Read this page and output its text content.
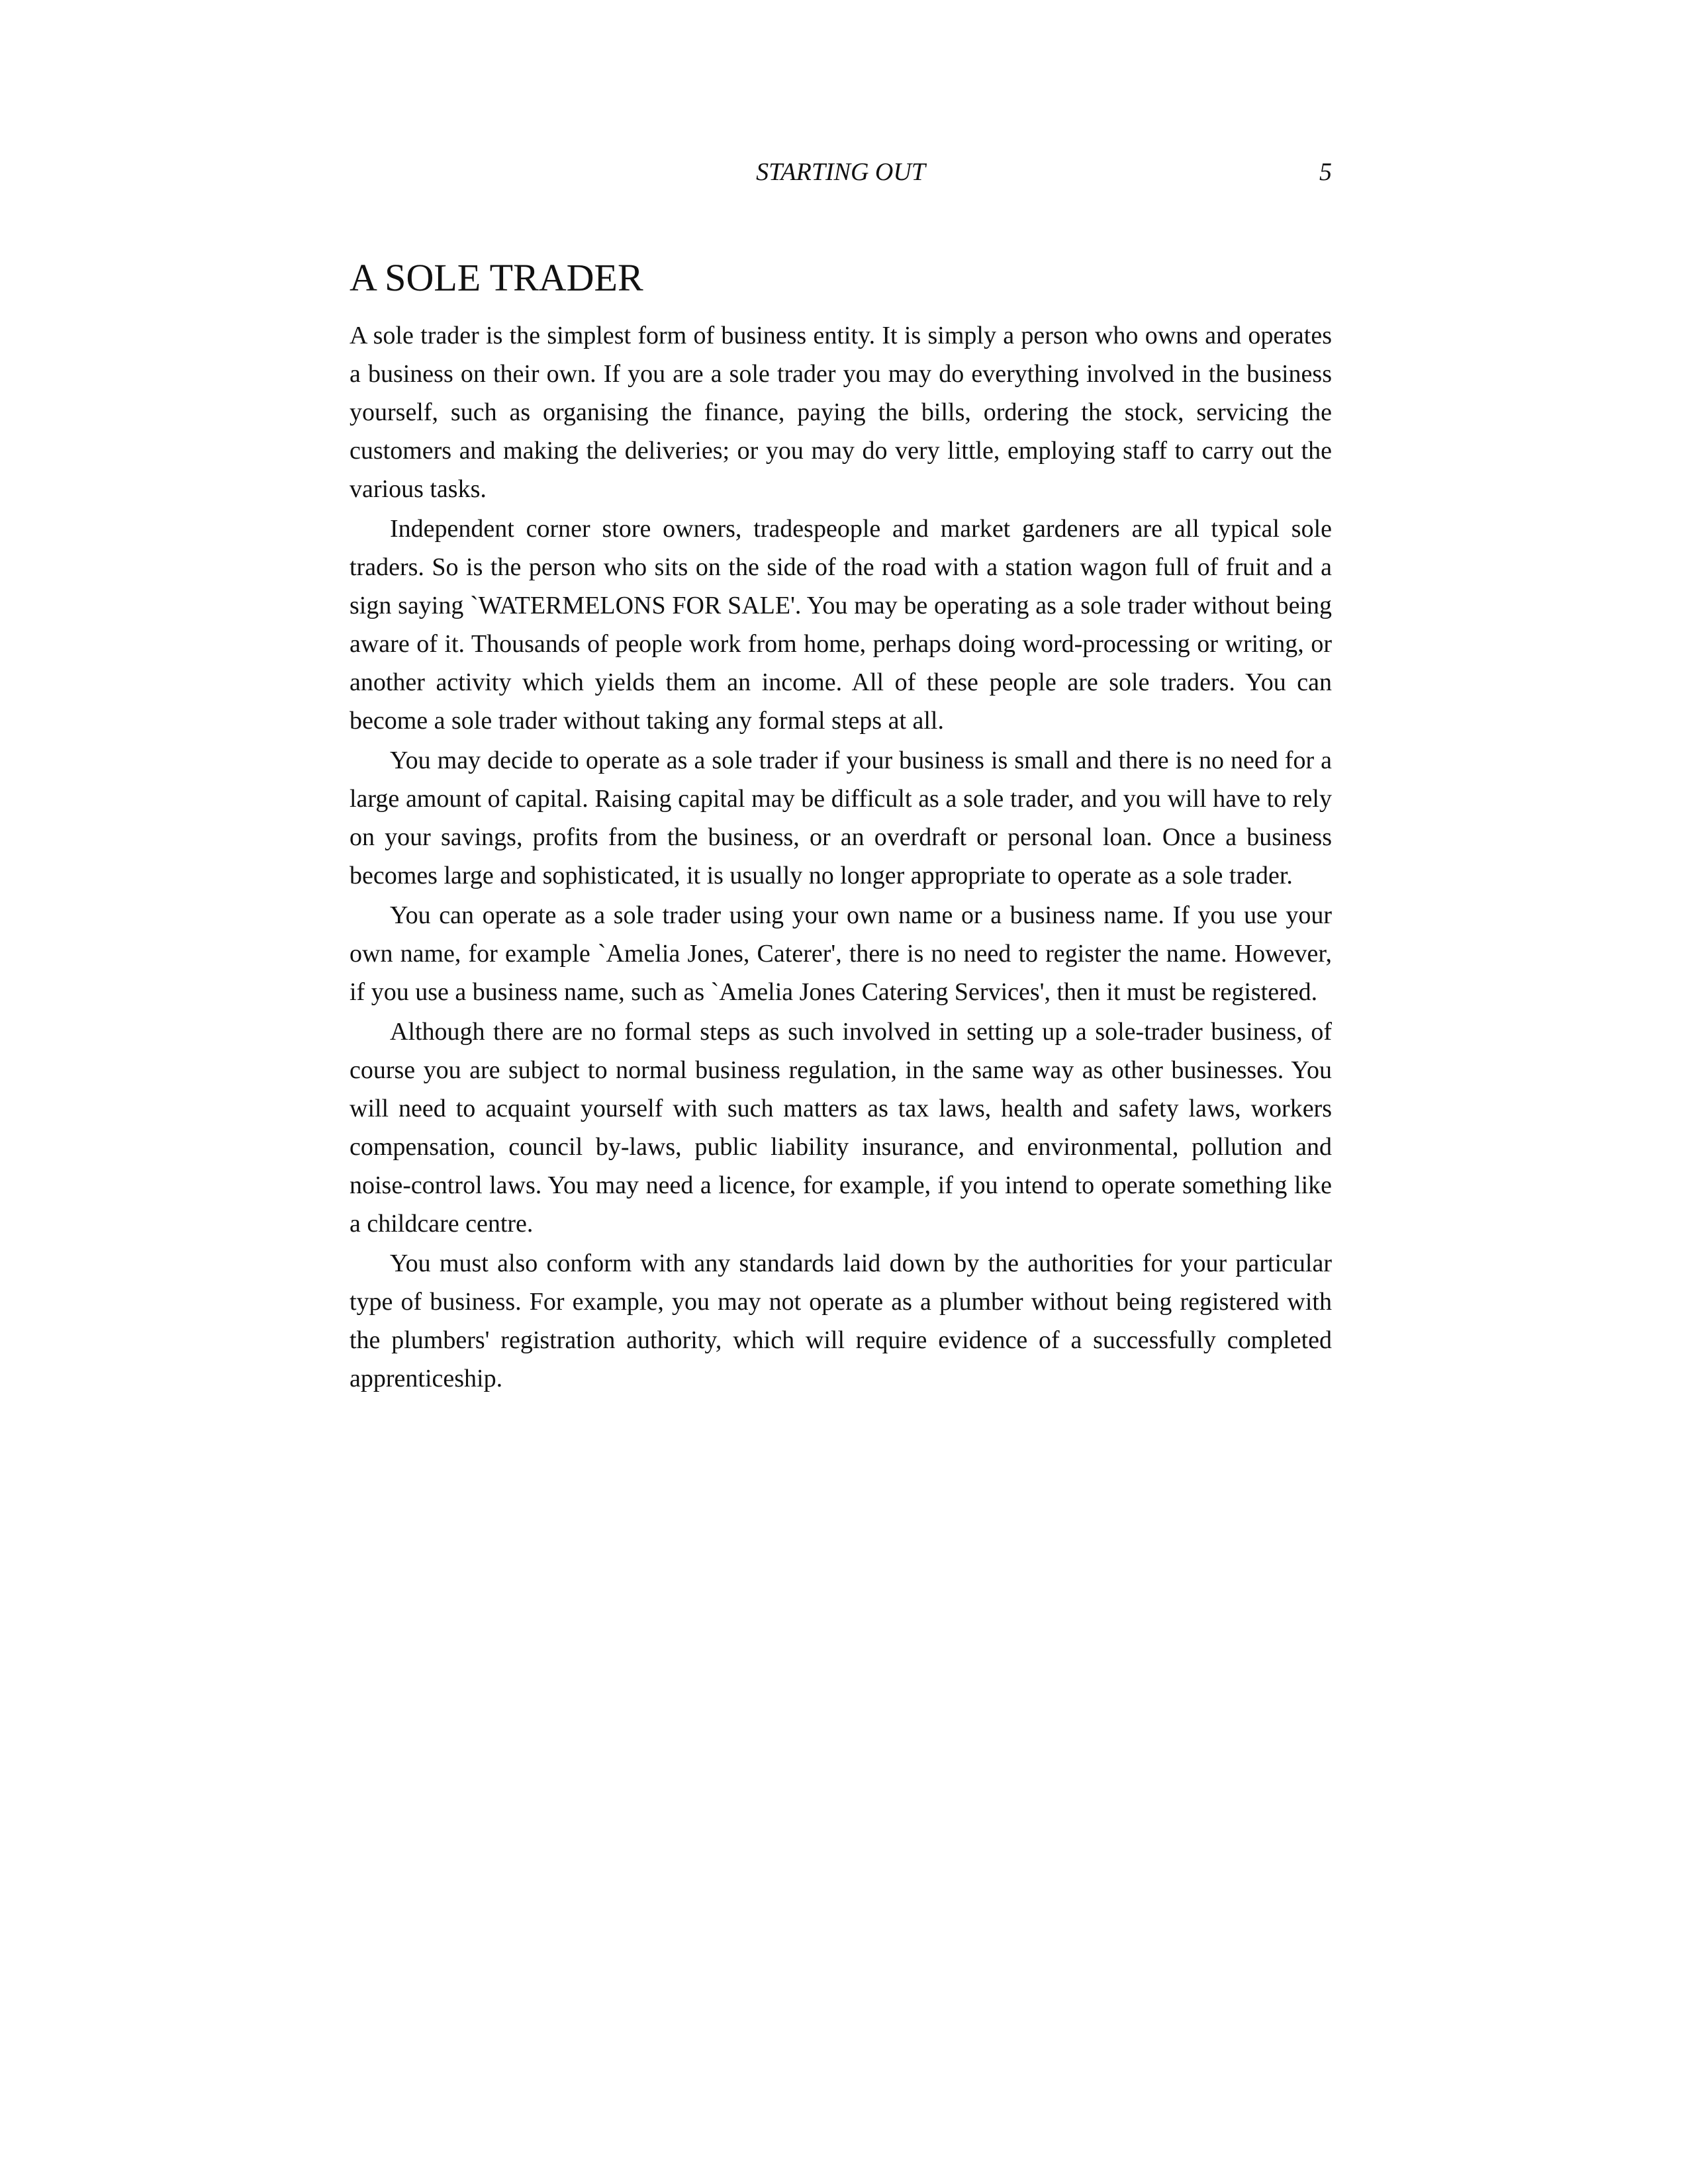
STARTING OUT	5
A SOLE TRADER

A sole trader is the simplest form of business entity. It is simply a person who owns and operates a business on their own. If you are a sole trader you may do everything involved in the business yourself, such as organising the finance, paying the bills, ordering the stock, servicing the customers and making the deliveries; or you may do very little, employing staff to carry out the various tasks.

Independent corner store owners, tradespeople and market gardeners are all typical sole traders. So is the person who sits on the side of the road with a station wagon full of fruit and a sign saying `WATERMELONS FOR SALE'. You may be operating as a sole trader without being aware of it. Thousands of people work from home, perhaps doing word-processing or writing, or another activity which yields them an income. All of these people are sole traders. You can become a sole trader without taking any formal steps at all.

You may decide to operate as a sole trader if your business is small and there is no need for a large amount of capital. Raising capital may be difficult as a sole trader, and you will have to rely on your savings, profits from the business, or an overdraft or personal loan. Once a business becomes large and sophisticated, it is usually no longer appropriate to operate as a sole trader.

You can operate as a sole trader using your own name or a business name. If you use your own name, for example `Amelia Jones, Caterer', there is no need to register the name. However, if you use a business name, such as `Amelia Jones Catering Services', then it must be registered.

Although there are no formal steps as such involved in setting up a sole-trader business, of course you are subject to normal business regulation, in the same way as other businesses. You will need to acquaint yourself with such matters as tax laws, health and safety laws, workers compensation, council by-laws, public liability insurance, and environmental, pollution and noise-control laws. You may need a licence, for example, if you intend to operate something like a childcare centre.

You must also conform with any standards laid down by the authorities for your particular type of business. For example, you may not operate as a plumber without being registered with the plumbers' registration authority, which will require evidence of a successfully completed apprenticeship.
